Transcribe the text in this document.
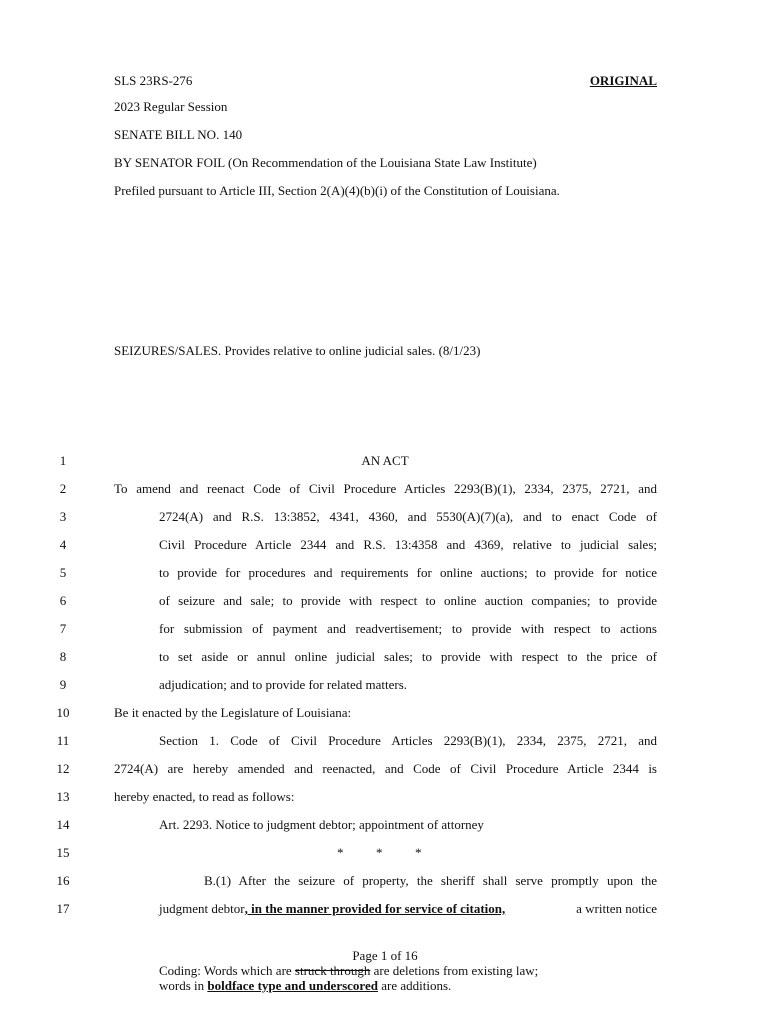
SLS 23RS-276	ORIGINAL
2023 Regular Session
SENATE BILL NO. 140
BY SENATOR FOIL (On Recommendation of the Louisiana State Law Institute)
Prefiled pursuant to Article III, Section 2(A)(4)(b)(i) of the Constitution of Louisiana.
SEIZURES/SALES. Provides relative to online judicial sales. (8/1/23)
1	AN ACT
2	To amend and reenact Code of Civil Procedure Articles 2293(B)(1), 2334, 2375, 2721, and
3	2724(A) and R.S. 13:3852, 4341, 4360, and 5530(A)(7)(a), and to enact Code of
4	Civil Procedure Article 2344 and R.S. 13:4358 and 4369, relative to judicial sales;
5	to provide for procedures and requirements for online auctions; to provide for notice
6	of seizure and sale; to provide with respect to online auction companies; to provide
7	for submission of payment and readvertisement; to provide with respect to actions
8	to set aside or annul online judicial sales; to provide with respect to the price of
9	adjudication; and to provide for related matters.
10	Be it enacted by the Legislature of Louisiana:
11	Section 1. Code of Civil Procedure Articles 2293(B)(1), 2334, 2375, 2721, and
12	2724(A) are hereby amended and reenacted, and Code of Civil Procedure Article 2344 is
13	hereby enacted, to read as follows:
14	Art. 2293. Notice to judgment debtor; appointment of attorney
15	*          *          *
16	B.(1) After the seizure of property, the sheriff shall serve promptly upon the
17	judgment debtor, in the manner provided for service of citation,	a written notice
Page 1 of 16
Coding: Words which are struck through are deletions from existing law;
words in boldface type and underscored are additions.
